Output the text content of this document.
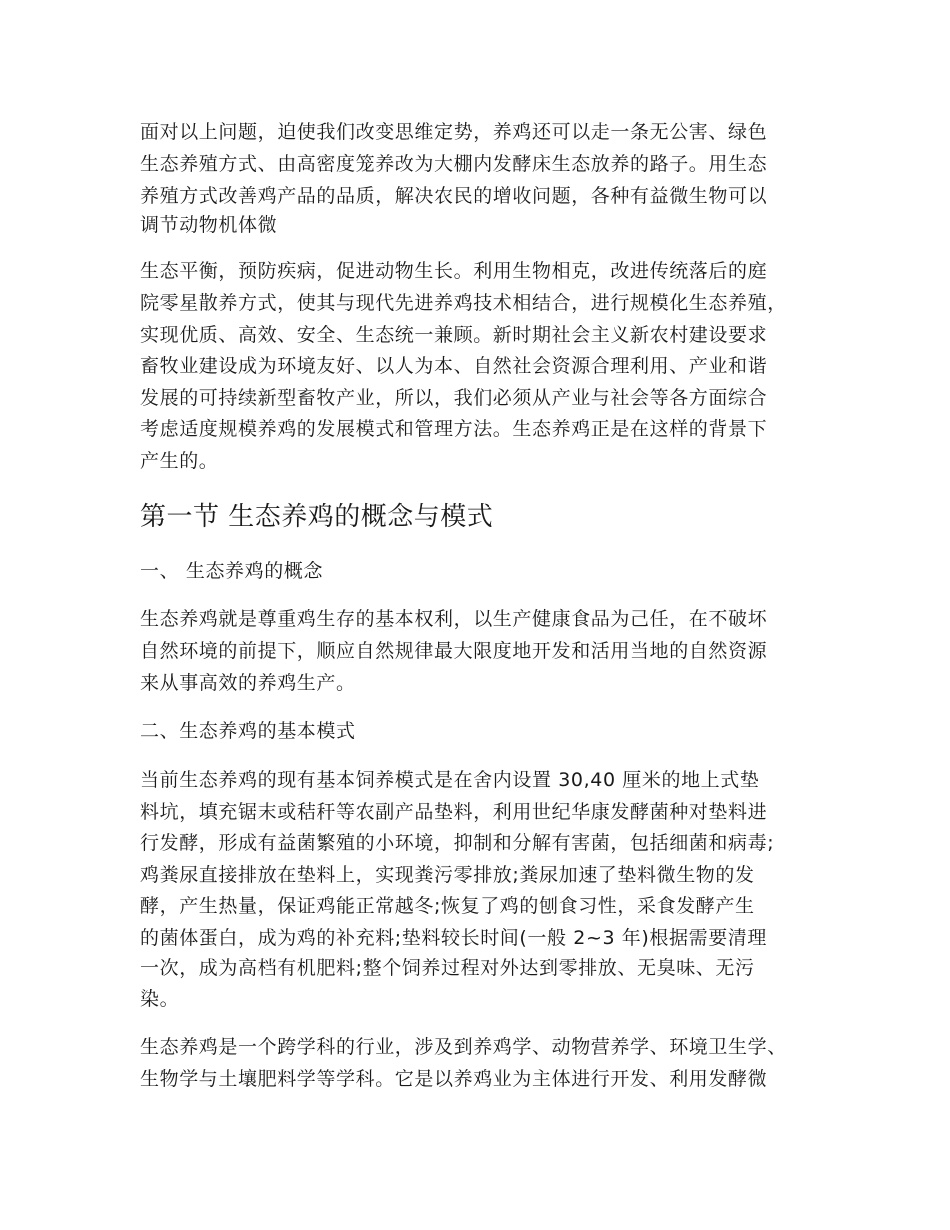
面对以上问题，迫使我们改变思维定势，养鸡还可以走一条无公害、绿色
生态养殖方式、由高密度笼养改为大棚内发酵床生态放养的路子。用生态
养殖方式改善鸡产品的品质，解决农民的增收问题，各种有益微生物可以
调节动物机体微
生态平衡，预防疾病，促进动物生长。利用生物相克，改进传统落后的庭
院零星散养方式，使其与现代先进养鸡技术相结合，进行规模化生态养殖，
实现优质、高效、安全、生态统一兼顾。新时期社会主义新农村建设要求
畜牧业建设成为环境友好、以人为本、自然社会资源合理利用、产业和谐
发展的可持续新型畜牧产业，所以，我们必须从产业与社会等各方面综合
考虑适度规模养鸡的发展模式和管理方法。生态养鸡正是在这样的背景下
产生的。
第一节 生态养鸡的概念与模式
一、 生态养鸡的概念
生态养鸡就是尊重鸡生存的基本权利，以生产健康食品为己任，在不破坏
自然环境的前提下，顺应自然规律最大限度地开发和活用当地的自然资源
来从事高效的养鸡生产。
二、生态养鸡的基本模式
当前生态养鸡的现有基本饲养模式是在舍内设置 30,40 厘米的地上式垫
料坑，填充锯末或秸秆等农副产品垫料，利用世纪华康发酵菌种对垫料进
行发酵，形成有益菌繁殖的小环境，抑制和分解有害菌，包括细菌和病毒;
鸡粪尿直接排放在垫料上，实现粪污零排放;粪尿加速了垫料微生物的发
酵，产生热量，保证鸡能正常越冬;恢复了鸡的刨食习性，采食发酵产生
的菌体蛋白，成为鸡的补充料;垫料较长时间(一般 2~3 年)根据需要清理
一次，成为高档有机肥料;整个饲养过程对外达到零排放、无臭味、无污
染。
生态养鸡是一个跨学科的行业，涉及到养鸡学、动物营养学、环境卫生学、
生物学与土壤肥料学等学科。它是以养鸡业为主体进行开发、利用发酵微
